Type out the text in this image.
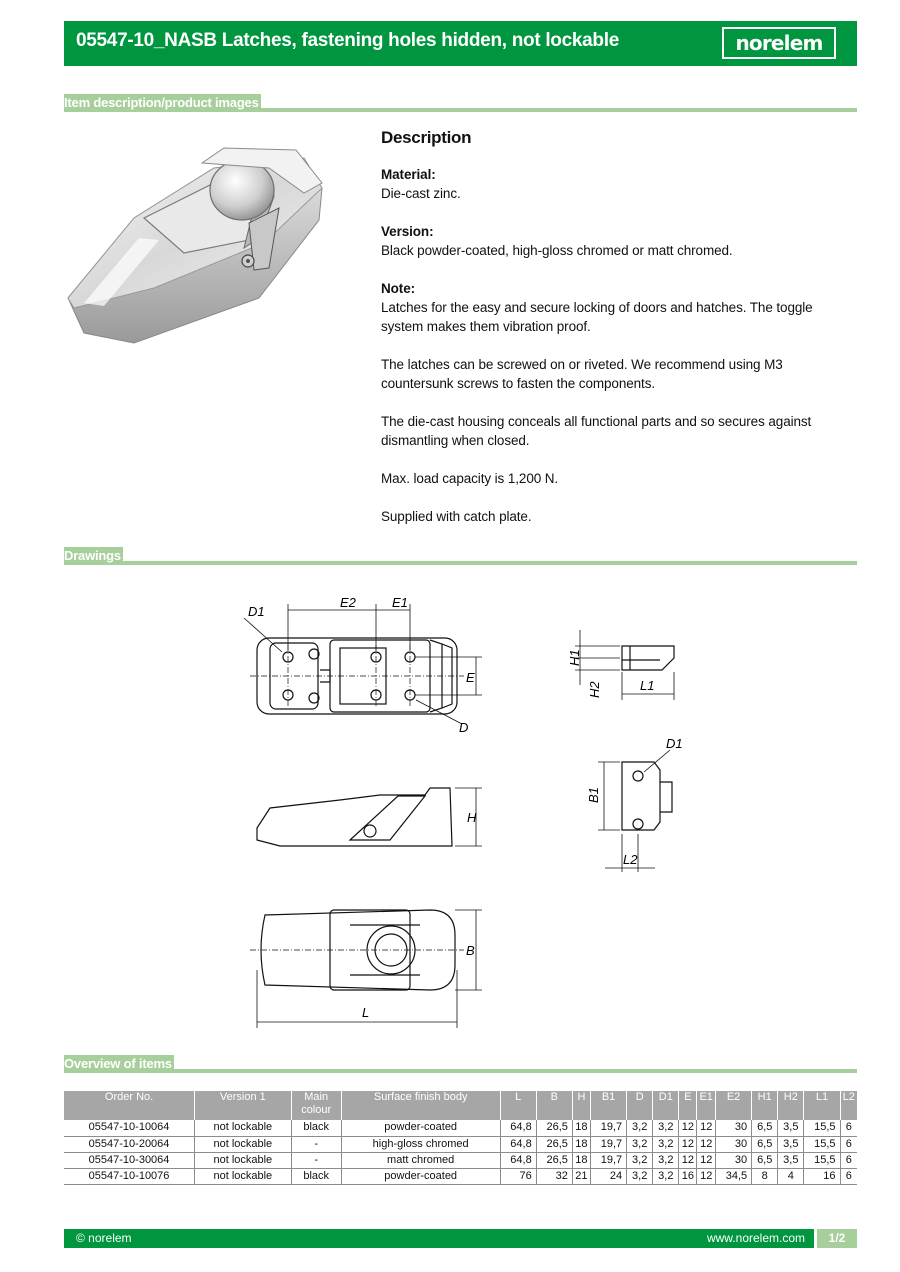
05547-10_NASB Latches, fastening holes hidden, not lockable	norelem
Item description/product images
Description
Material:

Die-cast zinc.

Version:

Black powder-coated, high-gloss chromed or matt chromed.

Note:

Latches for the easy and secure locking of doors and hatches. The toggle system makes them vibration proof.

The latches can be screwed on or riveted. We recommend using M3 countersunk screws to fasten the components.

The die-cast housing conceals all functional parts and so secures against dismantling when closed.

Max. load capacity is 1,200 N.

Supplied with catch plate.

Drawings
D1
E2	E1
E
D
H
B
L
H1
H2	L1
D1
B1
L2
Overview of items
Order No.	Version 1	Main colour	Surface finish body	L	B	H	B1	D	D1	E	E1	E2	H1	H2	L1	L2
05547-10-10064	not lockable	black	powder-coated	64,8	26,5	18	19,7	3,2	3,2	12	12	30	6,5	3,5	15,5	6
05547-10-20064	not lockable	-	high-gloss chromed	64,8	26,5	18	19,7	3,2	3,2	12	12	30	6,5	3,5	15,5	6
05547-10-30064	not lockable	-	matt chromed	64,8	26,5	18	19,7	3,2	3,2	12	12	30	6,5	3,5	15,5	6
05547-10-10076	not lockable	black	powder-coated	76	32	21	24	3,2	3,2	16	12	34,5	8	4	16	6
© norelem	www.norelem.com	1/2
